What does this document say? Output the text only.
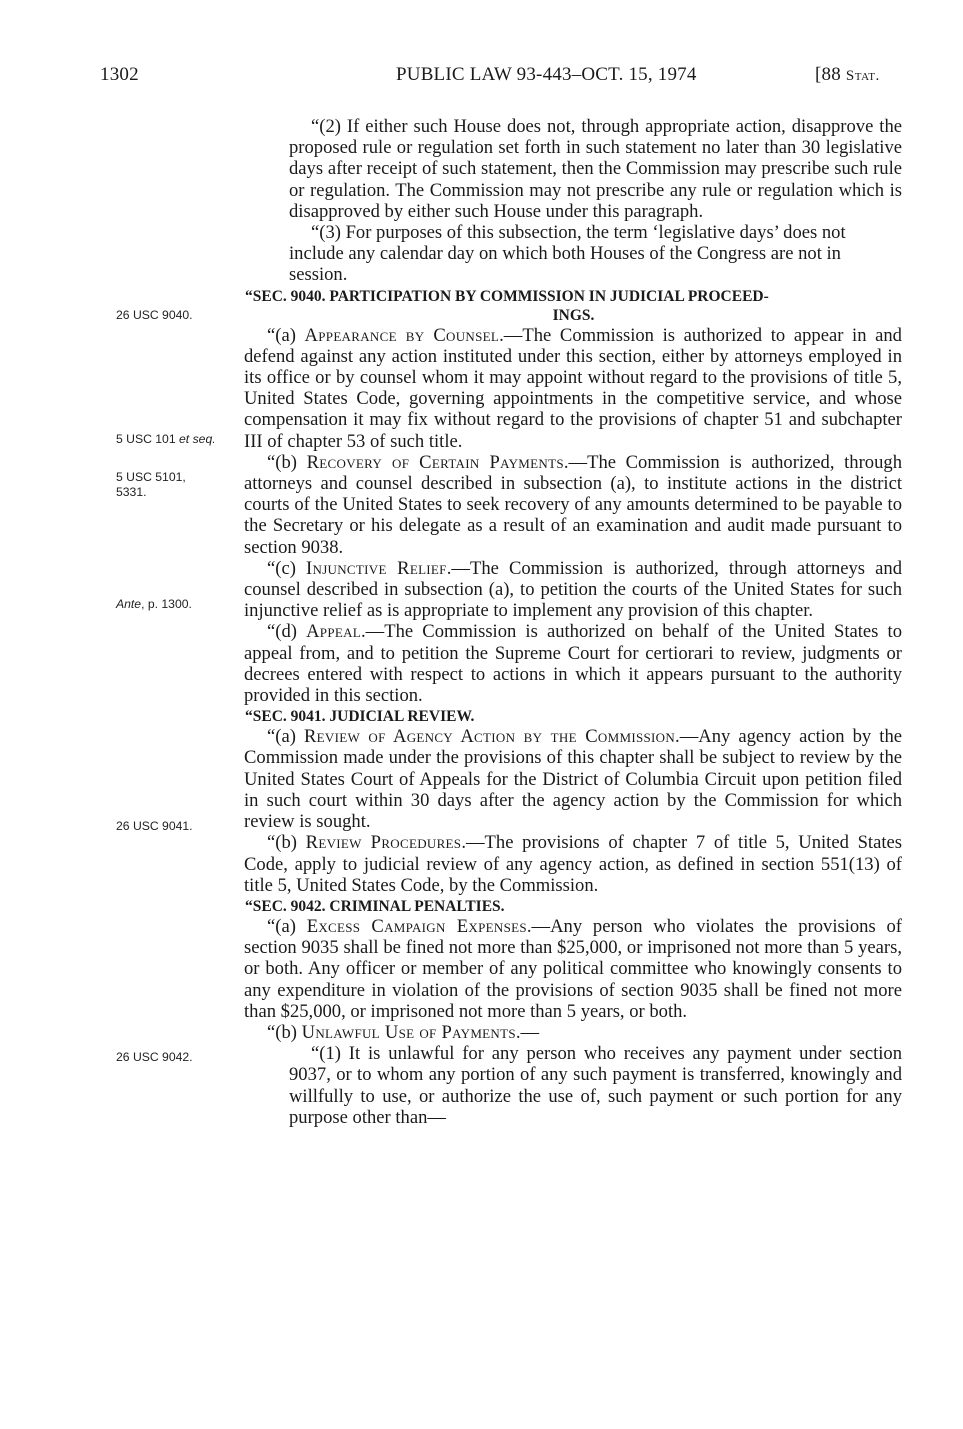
1302	PUBLIC LAW 93-443–OCT. 15, 1974	[88 Stat.
26 USC 9040.
5 USC 101 et seq.
5 USC 5101, 5331.
Ante, p. 1300.
26 USC 9041.
26 USC 9042.

“(2) If either such House does not, through appropriate action, disapprove the proposed rule or regulation set forth in such statement no later than 30 legislative days after receipt of such statement, then the Commission may prescribe such rule or regulation. The Commission may not prescribe any rule or regulation which is disapproved by either such House under this paragraph.

“(3) For purposes of this subsection, the term ‘legislative days’ does not include any calendar day on which both Houses of the Congress are not in session.

“SEC. 9040. PARTICIPATION BY COMMISSION IN JUDICIAL PROCEED-
INGS.

“(a) Appearance by Counsel.—The Commission is authorized to appear in and defend against any action instituted under this section, either by attorneys employed in its office or by counsel whom it may appoint without regard to the provisions of title 5, United States Code, governing appointments in the competitive service, and whose compensation it may fix without regard to the provisions of chapter 51 and subchapter III of chapter 53 of such title.

“(b) Recovery of Certain Payments.—The Commission is authorized, through attorneys and counsel described in subsection (a), to institute actions in the district courts of the United States to seek recovery of any amounts determined to be payable to the Secretary or his delegate as a result of an examination and audit made pursuant to section 9038.

“(c) Injunctive Relief.—The Commission is authorized, through attorneys and counsel described in subsection (a), to petition the courts of the United States for such injunctive relief as is appropriate to implement any provision of this chapter.

“(d) Appeal.—The Commission is authorized on behalf of the United States to appeal from, and to petition the Supreme Court for certiorari to review, judgments or decrees entered with respect to actions in which it appears pursuant to the authority provided in this section.

“SEC. 9041. JUDICIAL REVIEW.

“(a) Review of Agency Action by the Commission.—Any agency action by the Commission made under the provisions of this chapter shall be subject to review by the United States Court of Appeals for the District of Columbia Circuit upon petition filed in such court within 30 days after the agency action by the Commission for which review is sought.

“(b) Review Procedures.—The provisions of chapter 7 of title 5, United States Code, apply to judicial review of any agency action, as defined in section 551(13) of title 5, United States Code, by the Commission.

“SEC. 9042. CRIMINAL PENALTIES.

“(a) Excess Campaign Expenses.—Any person who violates the provisions of section 9035 shall be fined not more than $25,000, or imprisoned not more than 5 years, or both. Any officer or member of any political committee who knowingly consents to any expenditure in violation of the provisions of section 9035 shall be fined not more than $25,000, or imprisoned not more than 5 years, or both.

“(b) Unlawful Use of Payments.—

“(1) It is unlawful for any person who receives any payment under section 9037, or to whom any portion of any such payment is transferred, knowingly and willfully to use, or authorize the use of, such payment or such portion for any purpose other than—
